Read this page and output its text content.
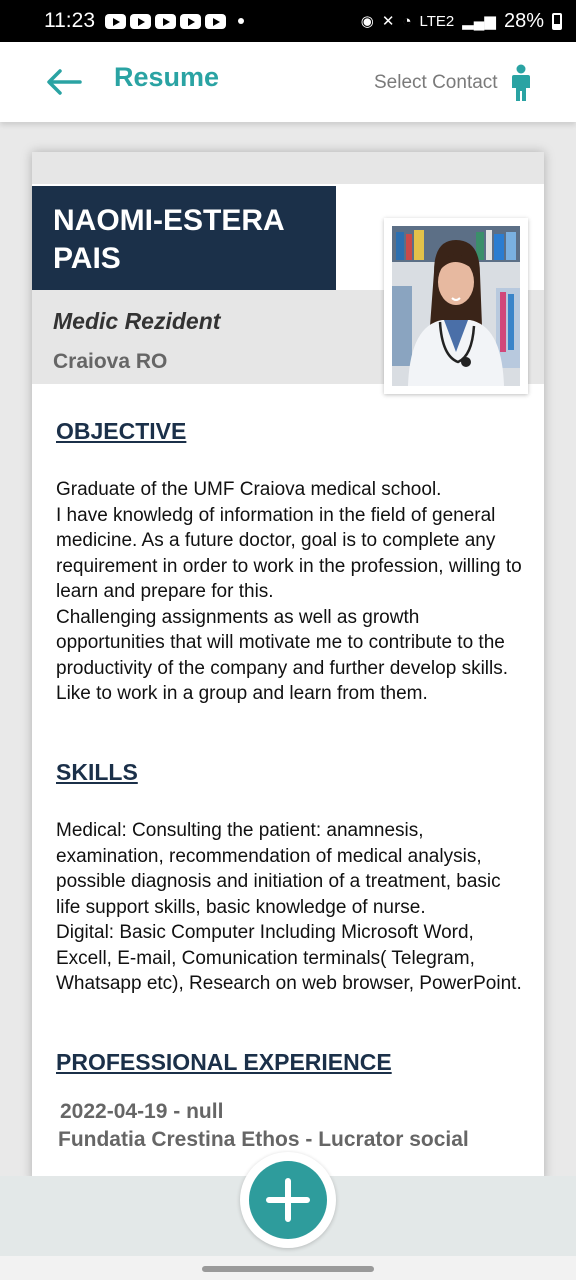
11:23	◉ ✕ ◔ LTE2 ▂▄▆ 28%
Resume	Select Contact
NAOMI-ESTERA PAIS
Medic Rezident
Craiova RO
OBJECTIVE
Graduate of the UMF Craiova medical school.
I have knowledg of information in the field of general medicine. As a future doctor, goal is to complete any requirement in order to work in the profession, willing to learn and prepare for this.
Challenging assignments as well as growth opportunities that will motivate me to contribute to the productivity of the company and further develop skills.
Like to work in a group and learn from them.
SKILLS
Medical: Consulting the patient: anamnesis, examination, recommendation of medical analysis, possible diagnosis and initiation of a treatment, basic life support skills, basic knowledge of nurse.
Digital: Basic Computer Including Microsoft Word, Excell, E-mail, Comunication terminals( Telegram, Whatsapp etc), Research on web browser, PowerPoint.
PROFESSIONAL EXPERIENCE
2022-04-19 - null
Fundatia Crestina Ethos - Lucrator social
